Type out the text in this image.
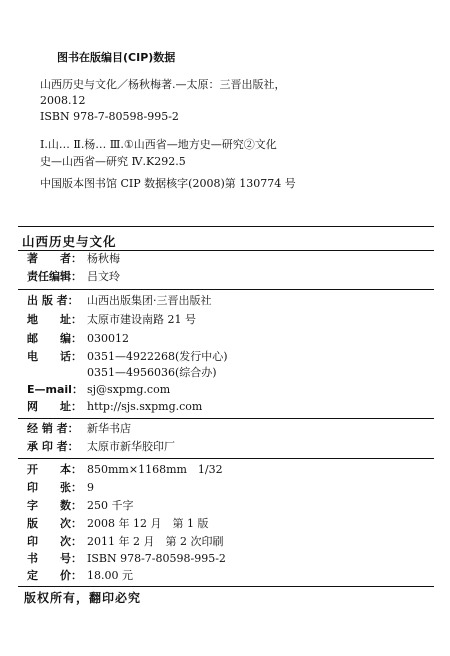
图书在版编目(CIP)数据
山西历史与文化／杨秋梅著.—太原：三晋出版社，
2008.12
ISBN 978-7-80598-995-2
Ⅰ.山… Ⅱ.杨… Ⅲ.①山西省—地方史—研究②文化
史—山西省—研究 Ⅳ.K292.5
中国版本图书馆 CIP 数据核字(2008)第 130774 号
山西历史与文化
著　　者： 杨秋梅
责任编辑： 吕文玲
出 版 者： 山西出版集团·三晋出版社
地　　址： 太原市建设南路 21 号
邮　　编： 030012
电　　话： 0351—4922268(发行中心)
0351—4956036(综合办)
E—mail： sj@sxpmg.com
网　　址： http://sjs.sxpmg.com
经 销 者： 新华书店
承 印 者： 太原市新华胶印厂
开　　本： 850mm×1168mm　1/32
印　　张： 9
字　　数： 250 千字
版　　次： 2008 年 12 月　第 1 版
印　　次： 2011 年 2 月　第 2 次印刷
书　　号： ISBN 978-7-80598-995-2
定　　价： 18.00 元
版权所有，翻印必究
